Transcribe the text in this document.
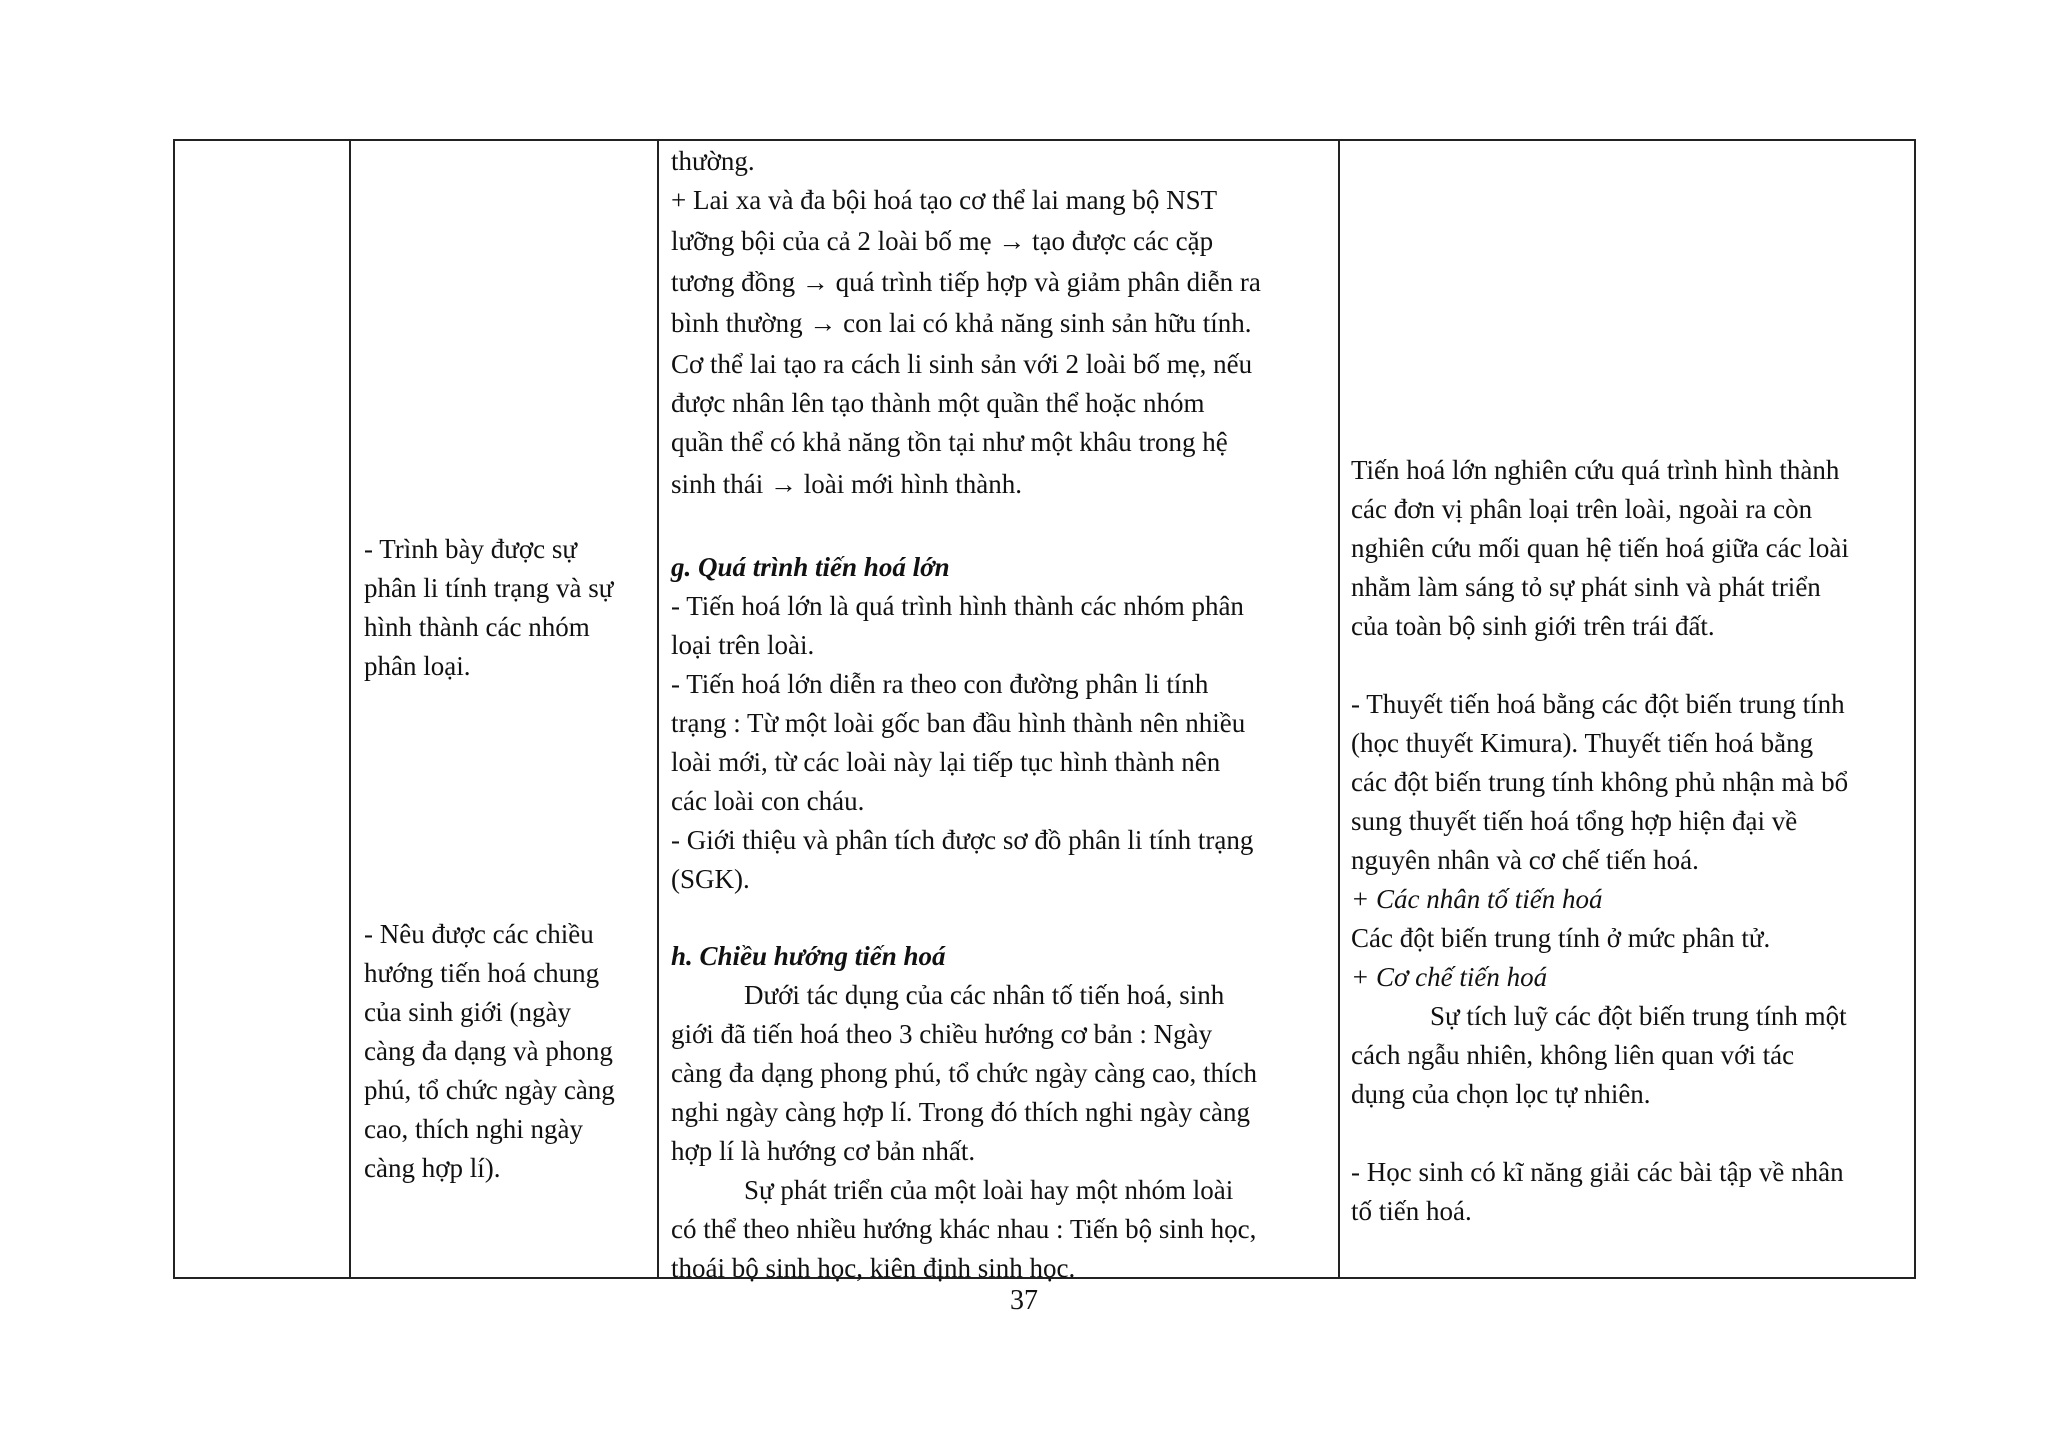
- Trình bày được sự
phân li tính trạng và sự
hình thành các nhóm
phân loại.
- Nêu được các chiều
hướng tiến hoá chung
của sinh giới (ngày
càng đa dạng và phong
phú, tổ chức ngày càng
cao, thích nghi ngày
càng hợp lí).
thường.
+ Lai xa và đa bội hoá tạo cơ thể lai mang bộ NST
lưỡng bội của cả 2 loài bố mẹ → tạo được các cặp
tương đồng → quá trình tiếp hợp và giảm phân diễn ra
bình thường → con lai có khả năng sinh sản hữu tính.
Cơ thể lai tạo ra cách li sinh sản với 2 loài bố mẹ, nếu
được nhân lên tạo thành một quần thể hoặc nhóm
quần thể có khả năng tồn tại như một khâu trong hệ
sinh thái → loài mới hình thành.
g. Quá trình tiến hoá lớn
- Tiến hoá lớn là quá trình hình thành các nhóm phân
loại trên loài.
- Tiến hoá lớn diễn ra theo con đường phân li tính
trạng : Từ một loài gốc ban đầu hình thành nên nhiều
loài mới, từ các loài này lại tiếp tục hình thành nên
các loài con cháu.
- Giới thiệu và phân tích được sơ đồ phân li tính trạng
(SGK).
h. Chiều hướng tiến hoá
Dưới tác dụng của các nhân tố tiến hoá, sinh
giới đã tiến hoá theo 3 chiều hướng cơ bản : Ngày
càng đa dạng phong phú, tổ chức ngày càng cao, thích
nghi ngày càng hợp lí. Trong đó thích nghi ngày càng
hợp lí là hướng cơ bản nhất.
Sự phát triển của một loài hay một nhóm loài
có thể theo nhiều hướng khác nhau : Tiến bộ sinh học,
thoái bộ sinh học, kiên định sinh học.
Tiến hoá lớn nghiên cứu quá trình hình thành
các đơn vị phân loại trên loài, ngoài ra còn
nghiên cứu mối quan hệ tiến hoá giữa các loài
nhằm làm sáng tỏ sự phát sinh và phát triển
của toàn bộ sinh giới trên trái đất.
- Thuyết tiến hoá bằng các đột biến trung tính
(học thuyết Kimura). Thuyết tiến hoá bằng
các đột biến trung tính không phủ nhận mà bổ
sung thuyết tiến hoá tổng hợp hiện đại về
nguyên nhân và cơ chế tiến hoá.
+ Các nhân tố tiến hoá
Các đột biến trung tính ở mức phân tử.
+ Cơ chế tiến hoá
Sự tích luỹ các đột biến trung tính một
cách ngẫu nhiên, không liên quan với tác
dụng của chọn lọc tự nhiên.
- Học sinh có kĩ năng giải các bài tập về nhân
tố tiến hoá.
37
